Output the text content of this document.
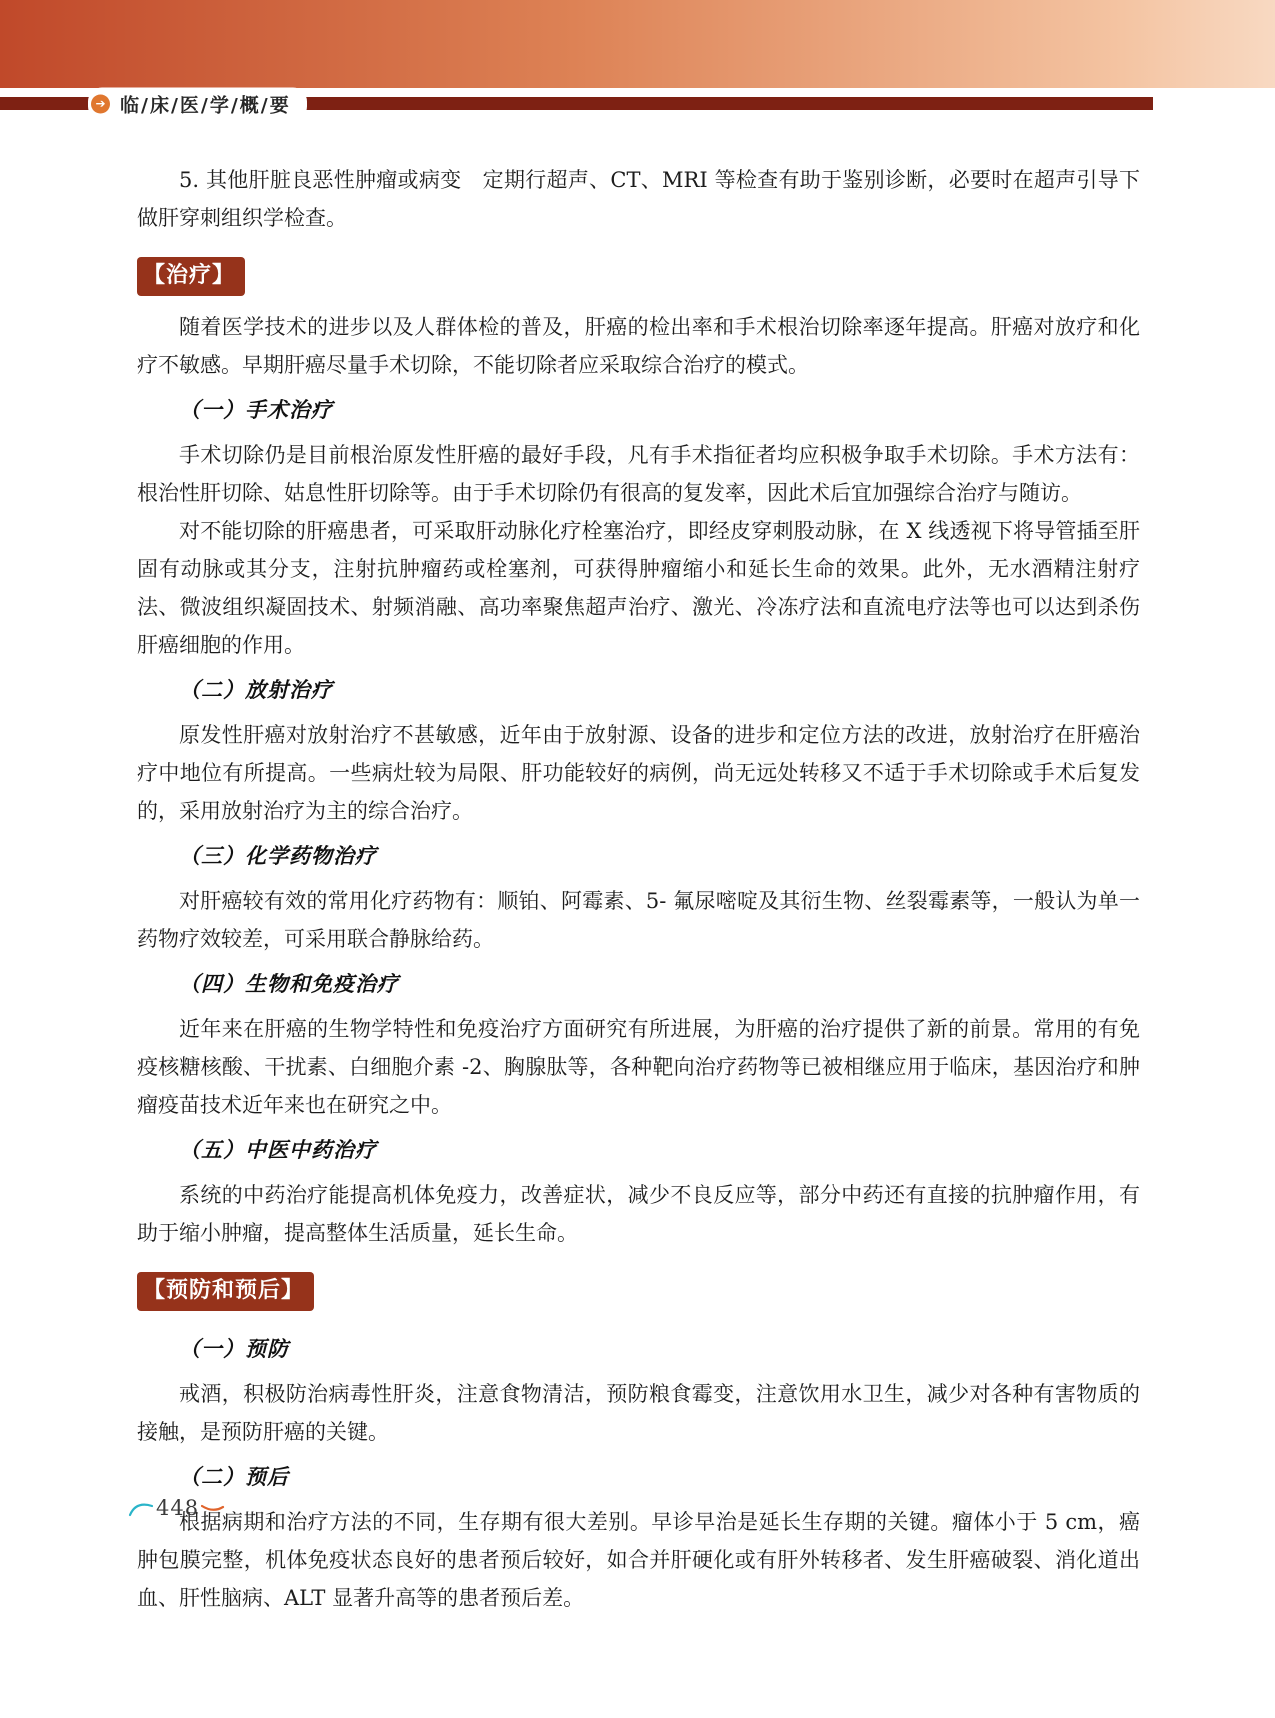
➔ 临/床/医/学/概/要

5. 其他肝脏良恶性肿瘤或病变　定期行超声、CT、MRI 等检查有助于鉴别诊断，必要时在超声引导下做肝穿刺组织学检查。

【治疗】

随着医学技术的进步以及人群体检的普及，肝癌的检出率和手术根治切除率逐年提高。肝癌对放疗和化疗不敏感。早期肝癌尽量手术切除，不能切除者应采取综合治疗的模式。

（一）手术治疗

手术切除仍是目前根治原发性肝癌的最好手段，凡有手术指征者均应积极争取手术切除。手术方法有：根治性肝切除、姑息性肝切除等。由于手术切除仍有很高的复发率，因此术后宜加强综合治疗与随访。

对不能切除的肝癌患者，可采取肝动脉化疗栓塞治疗，即经皮穿刺股动脉，在 X 线透视下将导管插至肝固有动脉或其分支，注射抗肿瘤药或栓塞剂，可获得肿瘤缩小和延长生命的效果。此外，无水酒精注射疗法、微波组织凝固技术、射频消融、高功率聚焦超声治疗、激光、冷冻疗法和直流电疗法等也可以达到杀伤肝癌细胞的作用。

（二）放射治疗

原发性肝癌对放射治疗不甚敏感，近年由于放射源、设备的进步和定位方法的改进，放射治疗在肝癌治疗中地位有所提高。一些病灶较为局限、肝功能较好的病例，尚无远处转移又不适于手术切除或手术后复发的，采用放射治疗为主的综合治疗。

（三）化学药物治疗

对肝癌较有效的常用化疗药物有：顺铂、阿霉素、5- 氟尿嘧啶及其衍生物、丝裂霉素等，一般认为单一药物疗效较差，可采用联合静脉给药。

（四）生物和免疫治疗

近年来在肝癌的生物学特性和免疫治疗方面研究有所进展，为肝癌的治疗提供了新的前景。常用的有免疫核糖核酸、干扰素、白细胞介素 -2、胸腺肽等，各种靶向治疗药物等已被相继应用于临床，基因治疗和肿瘤疫苗技术近年来也在研究之中。

（五）中医中药治疗

系统的中药治疗能提高机体免疫力，改善症状，减少不良反应等，部分中药还有直接的抗肿瘤作用，有助于缩小肿瘤，提高整体生活质量，延长生命。

【预防和预后】
（一）预防

戒酒，积极防治病毒性肝炎，注意食物清洁，预防粮食霉变，注意饮用水卫生，减少对各种有害物质的接触，是预防肝癌的关键。

（二）预后

根据病期和治疗方法的不同，生存期有很大差别。早诊早治是延长生存期的关键。瘤体小于 5 cm，癌肿包膜完整，机体免疫状态良好的患者预后较好，如合并肝硬化或有肝外转移者、发生肝癌破裂、消化道出血、肝性脑病、ALT 显著升高等的患者预后差。

448
